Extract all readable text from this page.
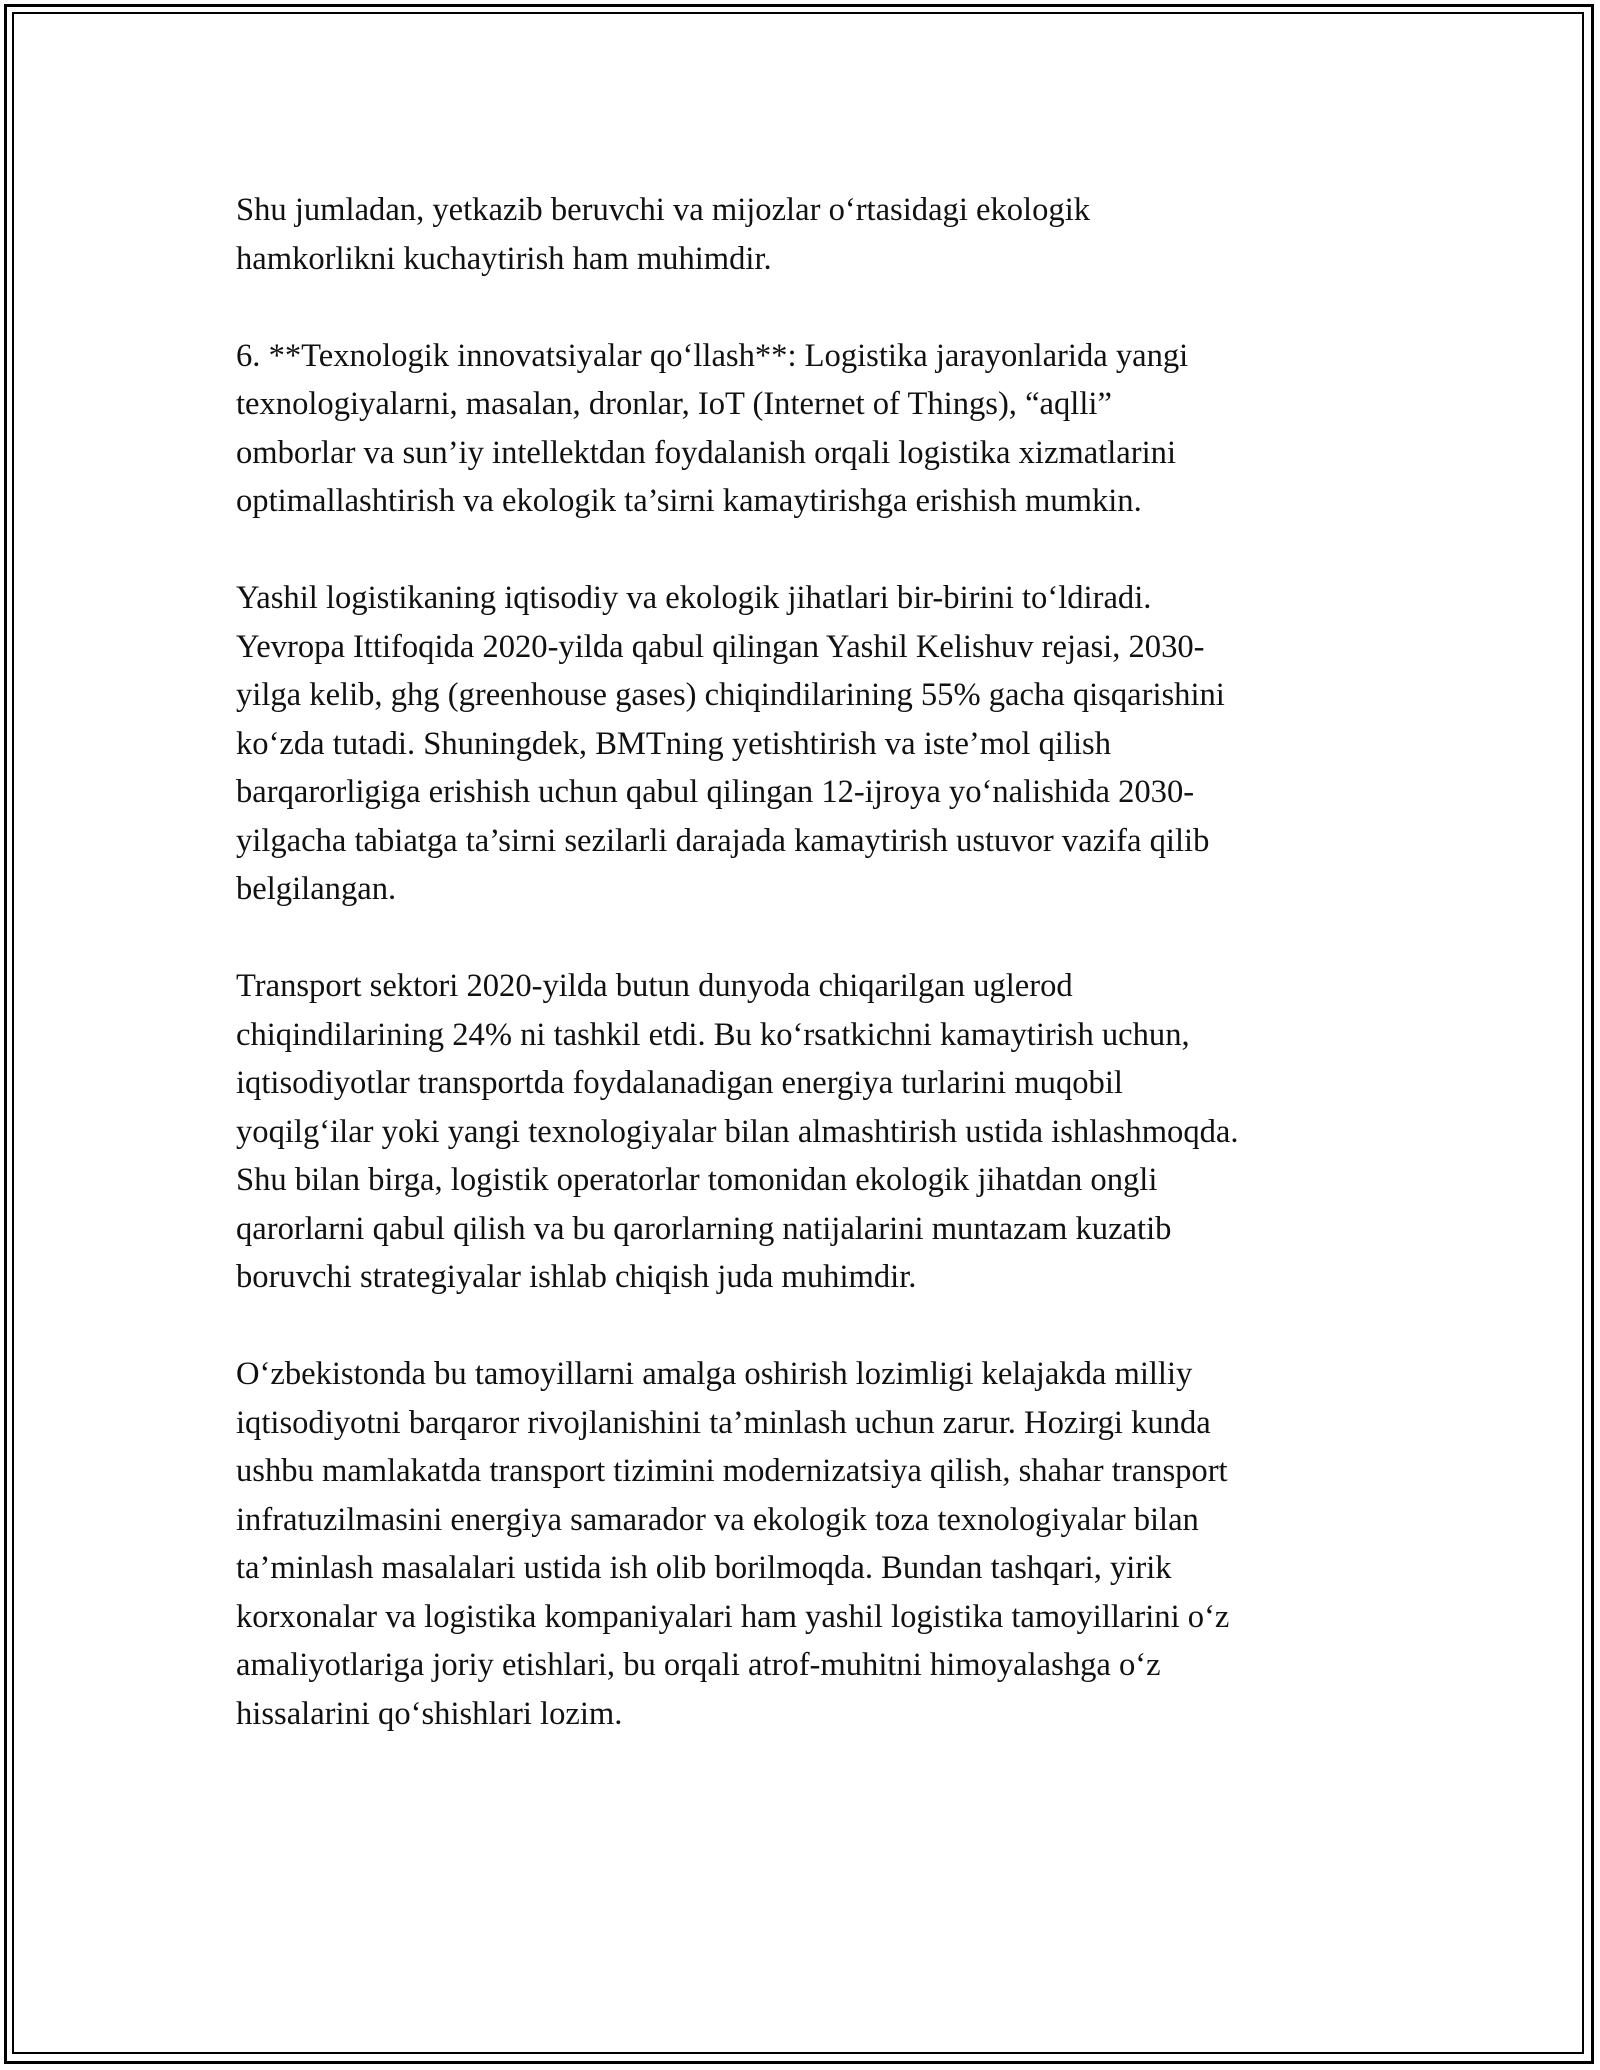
Shu jumladan, yetkazib beruvchi va mijozlar o‘rtasidagi ekologik
hamkorlikni kuchaytirish ham muhimdir.

6. **Texnologik innovatsiyalar qo‘llash**: Logistika jarayonlarida yangi
texnologiyalarni, masalan, dronlar, IoT (Internet of Things), “aqlli”
omborlar va sun’iy intellektdan foydalanish orqali logistika xizmatlarini
optimallashtirish va ekologik ta’sirni kamaytirishga erishish mumkin.

Yashil logistikaning iqtisodiy va ekologik jihatlari bir-birini to‘ldiradi.
Yevropa Ittifoqida 2020-yilda qabul qilingan Yashil Kelishuv rejasi, 2030-
yilga kelib, ghg (greenhouse gases) chiqindilarining 55% gacha qisqarishini
ko‘zda tutadi. Shuningdek, BMTning yetishtirish va iste’mol qilish
barqarorligiga erishish uchun qabul qilingan 12-ijroya yo‘nalishida 2030-
yilgacha tabiatga ta’sirni sezilarli darajada kamaytirish ustuvor vazifa qilib
belgilangan.

Transport sektori 2020-yilda butun dunyoda chiqarilgan uglerod
chiqindilarining 24% ni tashkil etdi. Bu ko‘rsatkichni kamaytirish uchun,
iqtisodiyotlar transportda foydalanadigan energiya turlarini muqobil
yoqilg‘ilar yoki yangi texnologiyalar bilan almashtirish ustida ishlashmoqda.
Shu bilan birga, logistik operatorlar tomonidan ekologik jihatdan ongli
qarorlarni qabul qilish va bu qarorlarning natijalarini muntazam kuzatib
boruvchi strategiyalar ishlab chiqish juda muhimdir.

O‘zbekistonda bu tamoyillarni amalga oshirish lozimligi kelajakda milliy
iqtisodiyotni barqaror rivojlanishini ta’minlash uchun zarur. Hozirgi kunda
ushbu mamlakatda transport tizimini modernizatsiya qilish, shahar transport
infratuzilmasini energiya samarador va ekologik toza texnologiyalar bilan
ta’minlash masalalari ustida ish olib borilmoqda. Bundan tashqari, yirik
korxonalar va logistika kompaniyalari ham yashil logistika tamoyillarini o‘z
amaliyotlariga joriy etishlari, bu orqali atrof-muhitni himoyalashga o‘z
hissalarini qo‘shishlari lozim.
